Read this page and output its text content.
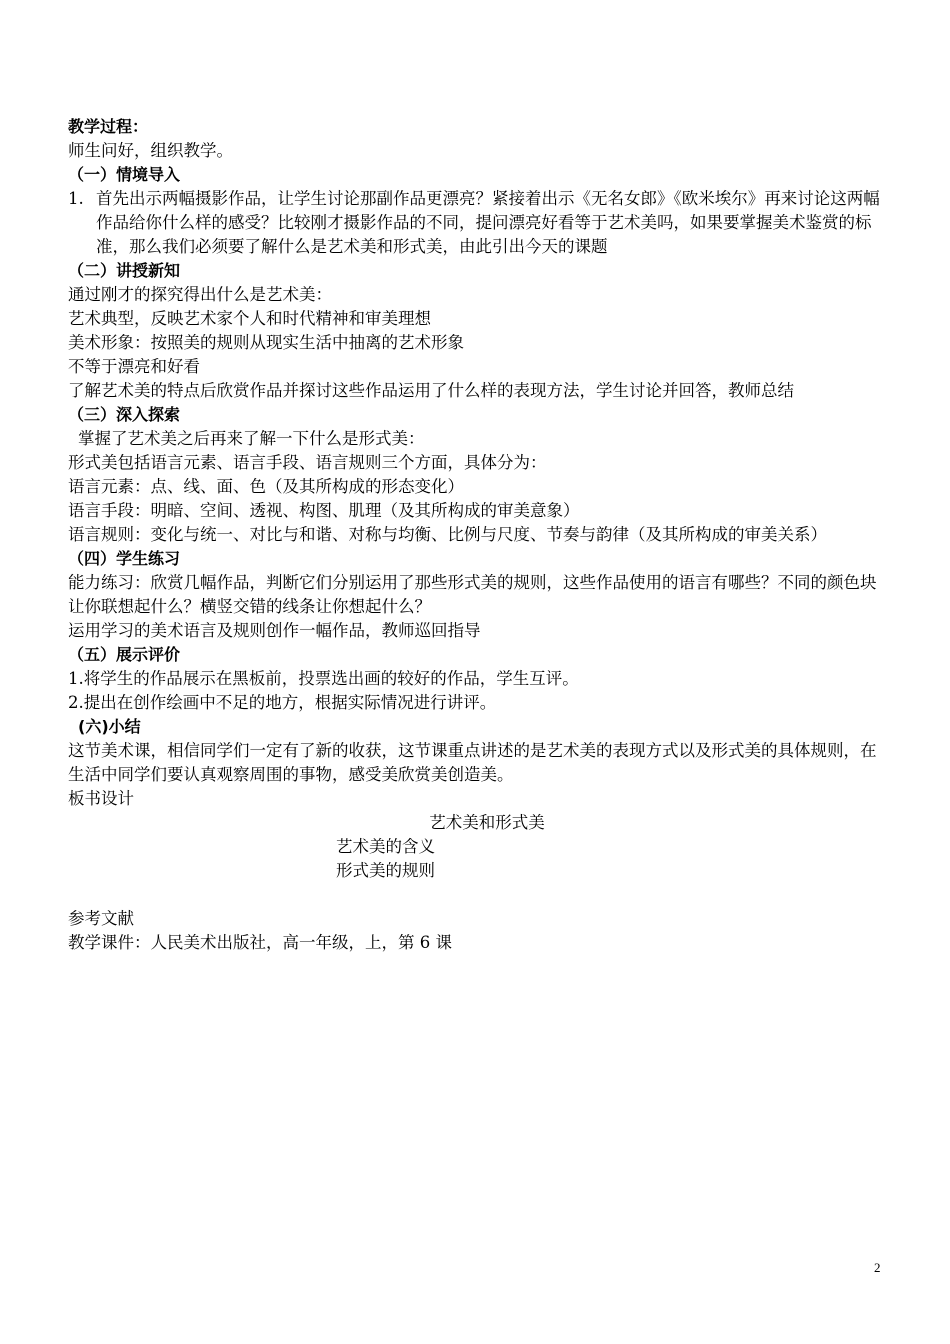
教学过程：
师生问好，组织教学。
（一）情境导入
1. 首先出示两幅摄影作品，让学生讨论那副作品更漂亮？紧接着出示《无名女郎》《欧米埃尔》再来讨论这两幅作品给你什么样的感受？比较刚才摄影作品的不同，提问漂亮好看等于艺术美吗，如果要掌握美术鉴赏的标准，那么我们必须要了解什么是艺术美和形式美，由此引出今天的课题
（二）讲授新知
通过刚才的探究得出什么是艺术美：
艺术典型，反映艺术家个人和时代精神和审美理想
美术形象：按照美的规则从现实生活中抽离的艺术形象
不等于漂亮和好看
了解艺术美的特点后欣赏作品并探讨这些作品运用了什么样的表现方法，学生讨论并回答，教师总结
（三）深入探索
掌握了艺术美之后再来了解一下什么是形式美：
形式美包括语言元素、语言手段、语言规则三个方面，具体分为：
语言元素：点、线、面、色（及其所构成的形态变化）
语言手段：明暗、空间、透视、构图、肌理（及其所构成的审美意象）
语言规则：变化与统一、对比与和谐、对称与均衡、比例与尺度、节奏与韵律（及其所构成的审美关系）
（四）学生练习
能力练习：欣赏几幅作品，判断它们分别运用了那些形式美的规则，这些作品使用的语言有哪些？不同的颜色块让你联想起什么？横竖交错的线条让你想起什么？
运用学习的美术语言及规则创作一幅作品，教师巡回指导
（五）展示评价
1.将学生的作品展示在黑板前，投票选出画的较好的作品，学生互评。
2.提出在创作绘画中不足的地方，根据实际情况进行讲评。
(六)小结
这节美术课，相信同学们一定有了新的收获，这节课重点讲述的是艺术美的表现方式以及形式美的具体规则，在生活中同学们要认真观察周围的事物，感受美欣赏美创造美。
板书设计
艺术美和形式美
艺术美的含义
形式美的规则
参考文献
教学课件：人民美术出版社，高一年级，上，第 6 课
2
